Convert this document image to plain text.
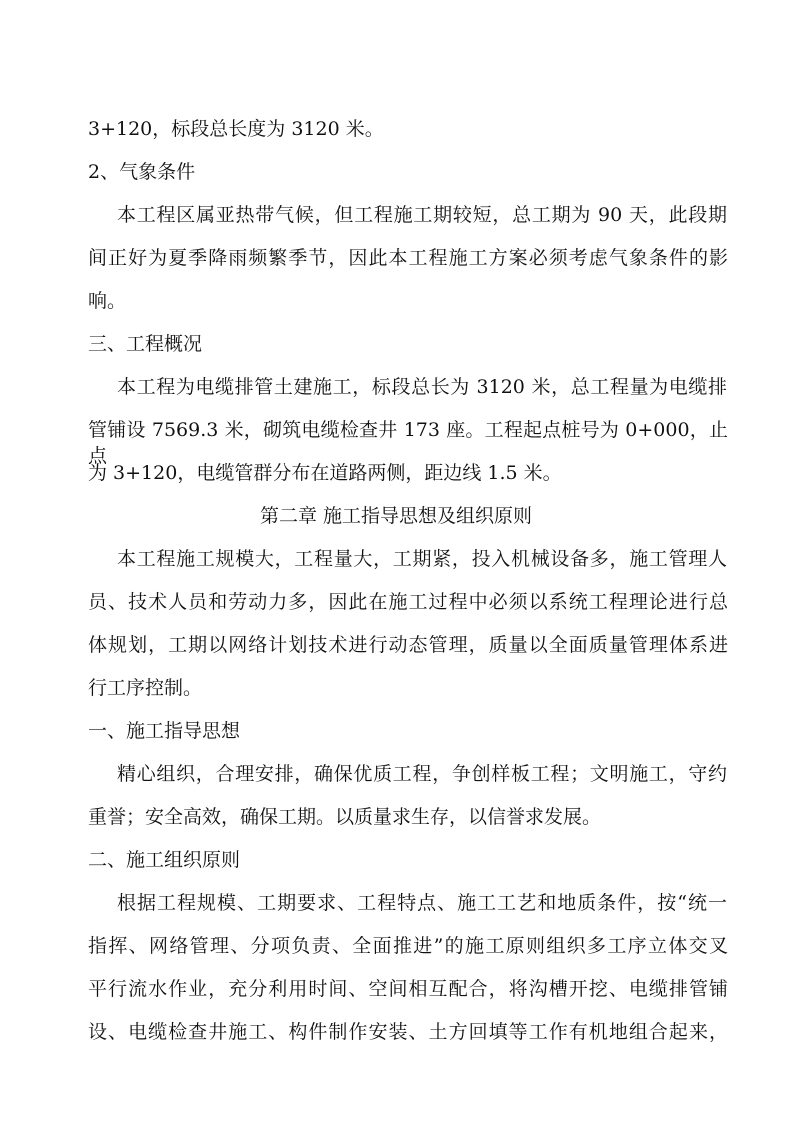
3+120，标段总长度为 3120 米。
2、气象条件
本工程区属亚热带气候，但工程施工期较短，总工期为 90 天，此段期
间正好为夏季降雨频繁季节，因此本工程施工方案必须考虑气象条件的影
响。
三、工程概况
本工程为电缆排管土建施工，标段总长为 3120 米，总工程量为电缆排
管铺设 7569.3 米，砌筑电缆检查井 173 座。工程起点桩号为 0+000，止点
为 3+120，电缆管群分布在道路两侧，距边线 1.5 米。
第二章 施工指导思想及组织原则
本工程施工规模大，工程量大，工期紧，投入机械设备多，施工管理人
员、技术人员和劳动力多，因此在施工过程中必须以系统工程理论进行总
体规划，工期以网络计划技术进行动态管理，质量以全面质量管理体系进
行工序控制。
一、施工指导思想
精心组织，合理安排，确保优质工程，争创样板工程；文明施工，守约
重誉；安全高效，确保工期。以质量求生存，以信誉求发展。
二、施工组织原则
根据工程规模、工期要求、工程特点、施工工艺和地质条件，按“统一
指挥、网络管理、分项负责、全面推进”的施工原则组织多工序立体交叉
平行流水作业，充分利用时间、空间相互配合，将沟槽开挖、电缆排管铺
设、电缆检查井施工、构件制作安装、土方回填等工作有机地组合起来，
